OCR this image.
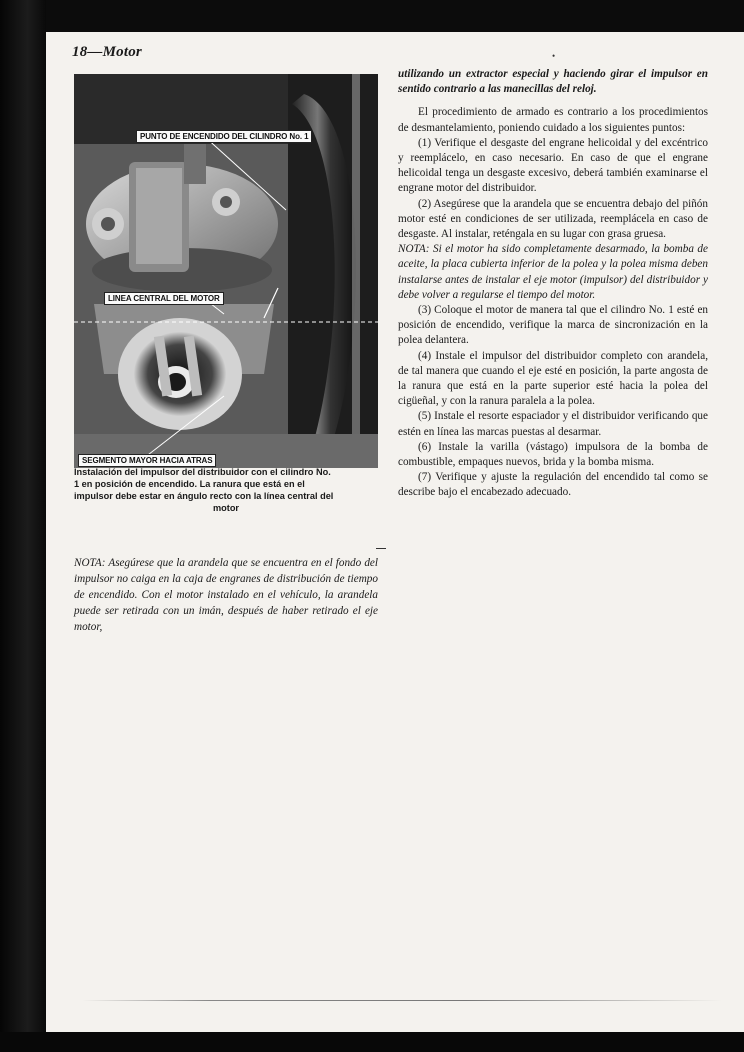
18—Motor	•
PUNTO DE ENCENDIDO DEL CILINDRO No. 1
LINEA CENTRAL DEL MOTOR
SEGMENTO MAYOR HACIA ATRAS
Instalación del impulsor del distribuidor con el cilindro No.
1 en posición de encendido. La ranura que está en el
impulsor debe estar en ángulo recto con la línea central del
motor
NOTA: Asegúrese que la arandela que se encuentra en el fondo del impulsor no caiga en la caja de engranes de distribución de tiempo de encendido. Con el motor instalado en el vehículo, la arandela puede ser retirada con un imán, después de haber retirado el eje motor,

utilizando un extractor especial y haciendo girar el impulsor en sentido contrario a las manecillas del reloj.

El procedimiento de armado es contrario a los procedimientos de desmantelamiento, poniendo cuidado a los siguientes puntos:

(1) Verifique el desgaste del engrane helicoidal y del excéntrico y reemplácelo, en caso necesario. En caso de que el engrane helicoidal tenga un desgaste excesivo, deberá también examinarse el engrane motor del distribuidor.

(2) Asegúrese que la arandela que se encuentra debajo del piñón motor esté en condiciones de ser utilizada, reemplácela en caso de desgaste. Al instalar, reténgala en su lugar con grasa gruesa.

NOTA: Si el motor ha sido completamente desarmado, la bomba de aceite, la placa cubierta inferior de la polea y la polea misma deben instalarse antes de instalar el eje motor (impulsor) del distribuidor y debe volver a regularse el tiempo del motor.

(3) Coloque el motor de manera tal que el cilindro No. 1 esté en posición de encendido, verifique la marca de sincronización en la polea delantera.

(4) Instale el impulsor del distribuidor completo con arandela, de tal manera que cuando el eje esté en posición, la parte angosta de la ranura que está en la parte superior esté hacia la polea del cigüeñal, y con la ranura paralela a la polea.

(5) Instale el resorte espaciador y el distribuidor verificando que estén en línea las marcas puestas al desarmar.

(6) Instale la varilla (vástago) impulsora de la bomba de combustible, empaques nuevos, brida y la bomba misma.

(7) Verifique y ajuste la regulación del encendido tal como se describe bajo el encabezado adecuado.
